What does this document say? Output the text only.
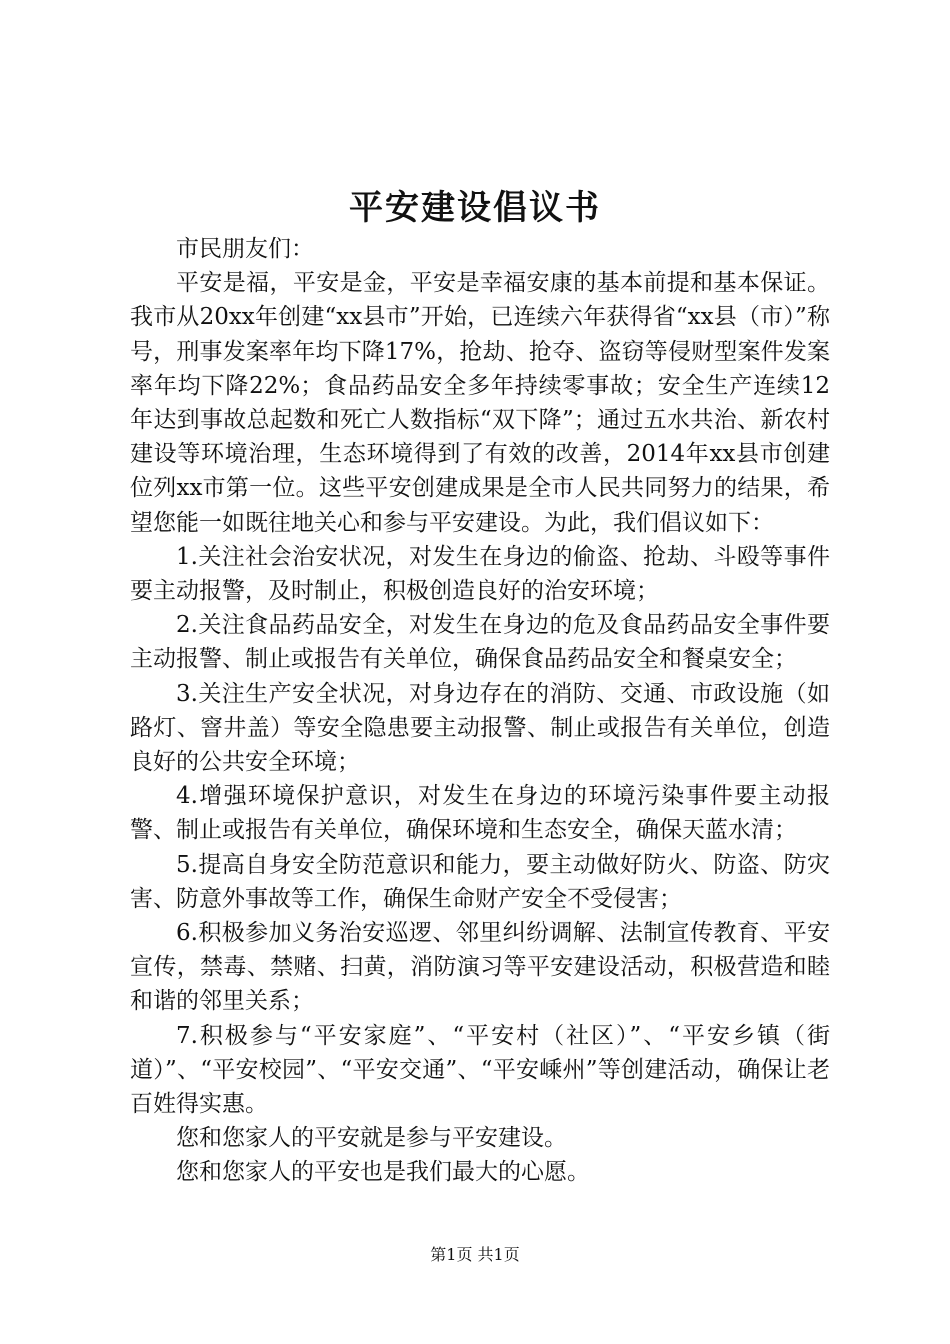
平安建设倡议书

市民朋友们：

平安是福，平安是金，平安是幸福安康的基本前提和基本保证。我市从20xx年创建“xx县市”开始，已连续六年获得省“xx县（市）”称号，刑事发案率年均下降17%，抢劫、抢夺、盗窃等侵财型案件发案率年均下降22%；食品药品安全多年持续零事故；安全生产连续12年达到事故总起数和死亡人数指标“双下降”；通过五水共治、新农村建设等环境治理，生态环境得到了有效的改善，2014年xx县市创建位列xx市第一位。这些平安创建成果是全市人民共同努力的结果，希望您能一如既往地关心和参与平安建设。为此，我们倡议如下：

1.关注社会治安状况，对发生在身边的偷盗、抢劫、斗殴等事件要主动报警，及时制止，积极创造良好的治安环境；

2.关注食品药品安全，对发生在身边的危及食品药品安全事件要主动报警、制止或报告有关单位，确保食品药品安全和餐桌安全；

3.关注生产安全状况，对身边存在的消防、交通、市政设施（如路灯、窨井盖）等安全隐患要主动报警、制止或报告有关单位，创造良好的公共安全环境；

4.增强环境保护意识，对发生在身边的环境污染事件要主动报警、制止或报告有关单位，确保环境和生态安全，确保天蓝水清；

5.提高自身安全防范意识和能力，要主动做好防火、防盗、防灾害、防意外事故等工作，确保生命财产安全不受侵害；

6.积极参加义务治安巡逻、邻里纠纷调解、法制宣传教育、平安宣传，禁毒、禁赌、扫黄，消防演习等平安建设活动，积极营造和睦和谐的邻里关系；

7.积极参与“平安家庭”、“平安村（社区）”、“平安乡镇（街道）”、“平安校园”、“平安交通”、“平安嵊州”等创建活动，确保让老百姓得实惠。

您和您家人的平安就是参与平安建设。

您和您家人的平安也是我们最大的心愿。

第1页 共1页
